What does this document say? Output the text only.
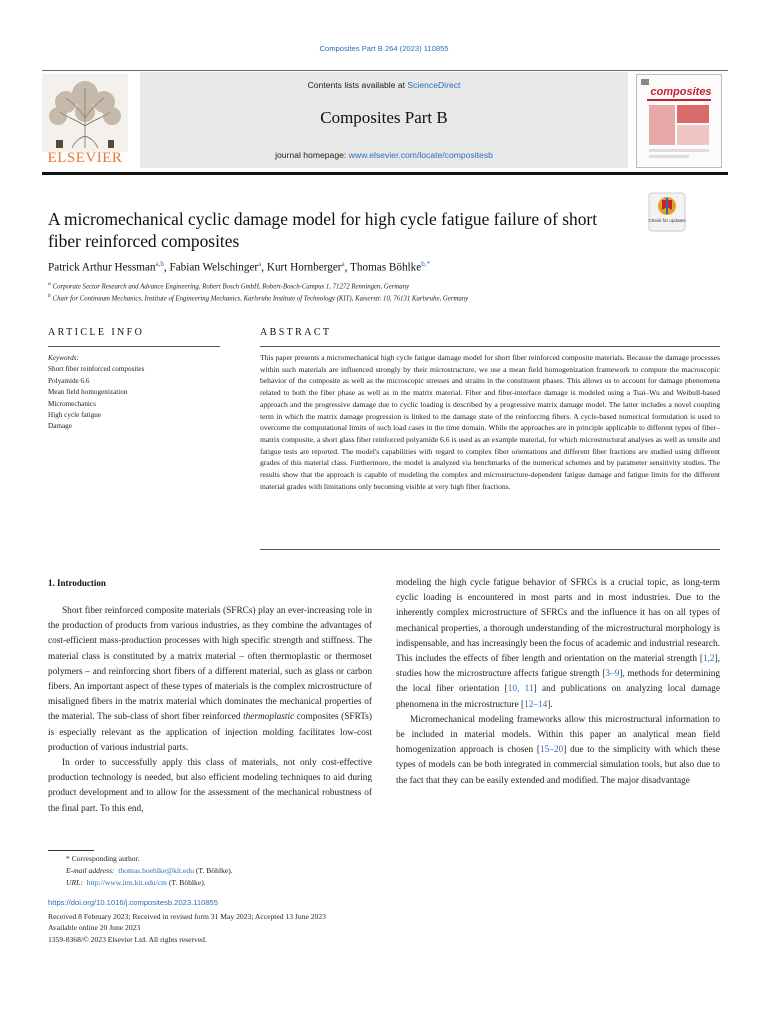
Composites Part B 264 (2023) 110855
ELSEVIER
Contents lists available at ScienceDirect
Composites Part B
journal homepage: www.elsevier.com/locate/compositesb
composites
Check for updates
A micromechanical cyclic damage model for high cycle fatigue failure of short fiber reinforced composites
Patrick Arthur Hessman$^{a,b}$, Fabian Welschinger$^a$, Kurt Hornberger$^a$, Thomas Böhlke$^{b,*}$
$^a$ Corporate Sector Research and Advance Engineering, Robert Bosch GmbH, Robert-Bosch-Campus 1, 71272 Renningen, Germany
$^b$ Chair for Continuum Mechanics, Institute of Engineering Mechanics, Karlsruhe Institute of Technology (KIT), Kaiserstr. 10, 76131 Karlsruhe, Germany
ARTICLE INFO
Keywords:
Short fiber reinforced composites
Polyamide 6.6
Mean field homogenization
Micromechanics
High cycle fatigue
Damage
ABSTRACT
This paper presents a micromechanical high cycle fatigue damage model for short fiber reinforced composite materials. Because the damage processes within such materials are influenced strongly by their microstructure, we use a mean field homogenization framework to compute the macroscopic behavior of the composite as well as the microscopic stresses and strains in the constituent phases. This allows us to account for damage phenomena related to both the fiber phase as well as in the matrix material. Fiber and fiber-interface damage is modeled using a Tsai–Wu and Weibull-based approach and the progressive damage due to cyclic loading is described by a progressive matrix damage model. The latter includes a novel coupling term in which the matrix damage progression is linked to the damage state of the reinforcing fibers. A cycle-based numerical formulation is used to overcome the computational limits of such load cases in the time domain. While the approaches are in principle applicable to different types of fiber–matrix composite, a short glass fiber reinforced polyamide 6.6 is used as an example material, for which microstructural analyses as well as tensile and fatigue tests are reported. The model's capabilities with regard to complex fiber orientations and different fiber fractions are studied using different grades of this material class. Furthermore, the model is analyzed via benchmarks of the numerical schemes and by parameter sensitivity studies. The results show that the approach is capable of modeling the complex and microstructure-dependent fatigue damage and fatigue limits for the different material grades with limitations only becoming visible at very high fiber fractions.
1. Introduction

Short fiber reinforced composite materials (SFRCs) play an ever-increasing role in the production of products from various industries, as they combine the advantages of cost-efficient mass-production processes with high specific strength and stiffness. The material class is constituted by a matrix material – often thermoplastic or thermoset polymers – and reinforcing short fibers of a different material, such as glass or carbon fibers. An important aspect of these types of materials is the complex microstructure of misaligned fibers in the matrix material which dominates the mechanical properties of the material. The sub-class of short fiber reinforced thermoplastic composites (SFRTs) is especially relevant as the application of injection molding facilitates low-cost production of various industrial parts.

In order to successfully apply this class of materials, not only cost-effective production technology is needed, but also efficient modeling techniques to aid during product development and to allow for the assessment of the mechanical robustness of the final part. To this end,

modeling the high cycle fatigue behavior of SFRCs is a crucial topic, as long-term cyclic loading is encountered in most parts and in most industries. Due to the inherently complex microstructure of SFRCs and the influence it has on all types of mechanical properties, a thorough understanding of the microstructural morphology is indispensable, and has increasingly been the focus of academic and industrial research. This includes the effects of fiber length and orientation on the material strength [1,2], studies how the microstructure affects fatigue strength [3–9], methods for determining the local fiber orientation [10, 11] and publications on analyzing local damage phenomena in the microstructure [12–14].

Micromechanical modeling frameworks allow this microstructural information to be included in material models. Within this paper an analytical mean field homogenization approach is chosen [15–20] due to the simplicity with which these types of models can be both integrated in commercial simulation tools, but also due to the fact that they can be easily extended and modified. The major disadvantage

* Corresponding author.
E-mail address: thomas.boehlke@kit.edu (T. Böhlke).
URL: http://www.itm.kit.edu/cm (T. Böhlke).
https://doi.org/10.1016/j.compositesb.2023.110855
Received 8 February 2023; Received in revised form 31 May 2023; Accepted 13 June 2023
Available online 20 June 2023
1359-8368/© 2023 Elsevier Ltd. All rights reserved.
